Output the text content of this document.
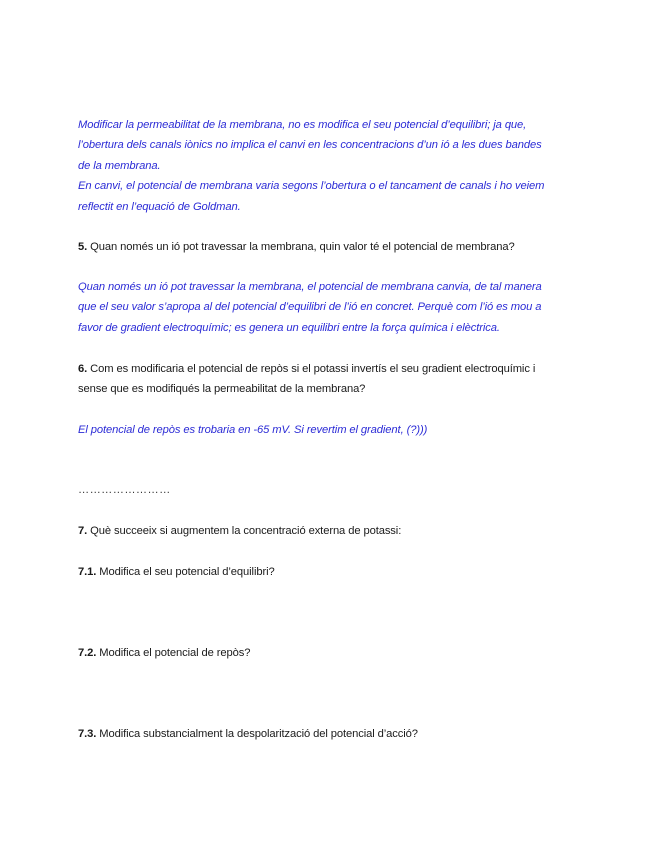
Modificar la permeabilitat de la membrana, no es modifica el seu potencial d’equilibri; ja que,
l’obertura dels canals iònics no implica el canvi en les concentracions d’un ió a les dues bandes
de la membrana.
En canvi, el potencial de membrana varia segons l’obertura o el tancament de canals i ho veiem
reflectit en l’equació de Goldman.
5. Quan només un ió pot travessar la membrana, quin valor té el potencial de membrana?
Quan només un ió pot travessar la membrana, el potencial de membrana canvia, de tal manera
que el seu valor s’apropa al del potencial d’equilibri de l’ió en concret. Perquè com l’ió es mou a
favor de gradient electroquímic; es genera un equilibri entre la força química i elèctrica.
6. Com es modificaria el potencial de repòs si el potassi invertís el seu gradient electroquímic i
sense que es modifiqués la permeabilitat de la membrana?
El potencial de repòs es trobaria en -65 mV. Si revertim el gradient, (?)))
……………………
7. Què succeeix si augmentem la concentració externa de potassi:
7.1. Modifica el seu potencial d’equilibri?
7.2. Modifica el potencial de repòs?
7.3. Modifica substancialment la despolarització del potencial d’acció?
